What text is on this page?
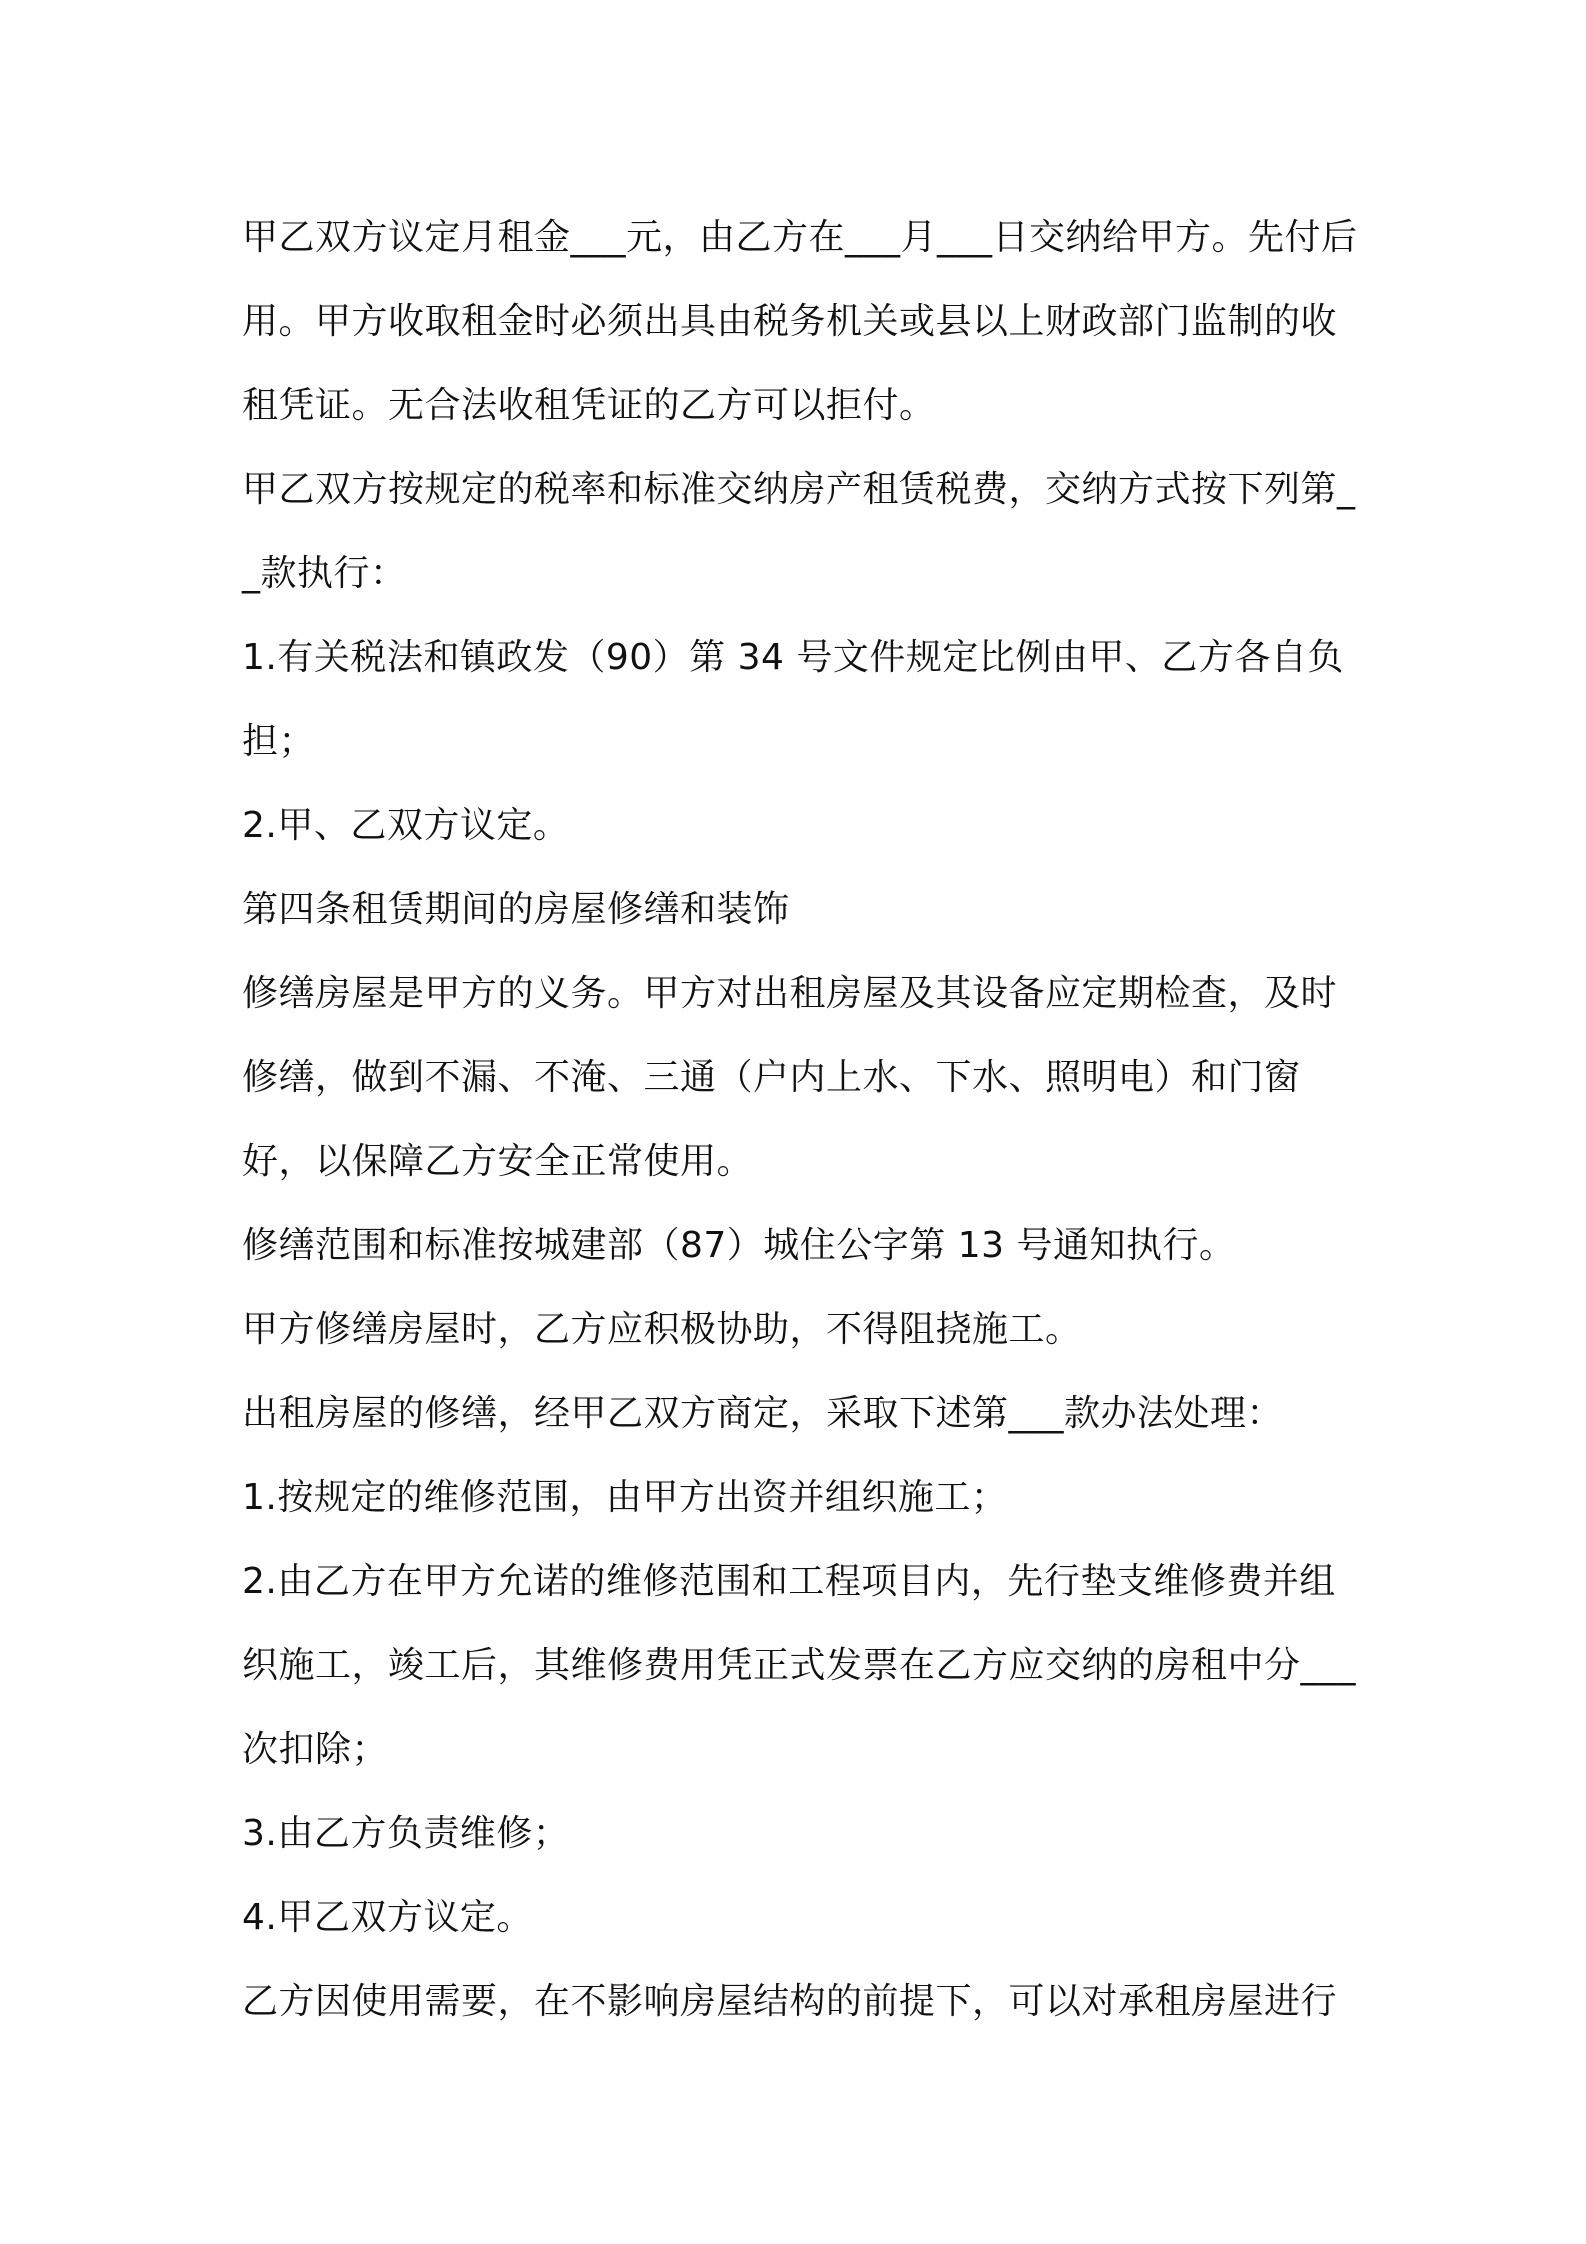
甲乙双方议定月租金___元，由乙方在___月___日交纳给甲方。先付后用。甲方收取租金时必须出具由税务机关或县以上财政部门监制的收租凭证。无合法收租凭证的乙方可以拒付。

甲乙双方按规定的税率和标准交纳房产租赁税费，交纳方式按下列第__款执行：

1.有关税法和镇政发（90）第 34 号文件规定比例由甲、乙方各自负担；

2.甲、乙双方议定。

第四条租赁期间的房屋修缮和装饰

修缮房屋是甲方的义务。甲方对出租房屋及其设备应定期检查，及时修缮，做到不漏、不淹、三通（户内上水、下水、照明电）和门窗好，以保障乙方安全正常使用。

修缮范围和标准按城建部（87）城住公字第 13 号通知执行。

甲方修缮房屋时，乙方应积极协助，不得阻挠施工。

出租房屋的修缮，经甲乙双方商定，采取下述第___款办法处理：

1.按规定的维修范围，由甲方出资并组织施工；

2.由乙方在甲方允诺的维修范围和工程项目内，先行垫支维修费并组织施工，竣工后，其维修费用凭正式发票在乙方应交纳的房租中分___次扣除；

3.由乙方负责维修；

4.甲乙双方议定。

乙方因使用需要，在不影响房屋结构的前提下，可以对承租房屋进行
